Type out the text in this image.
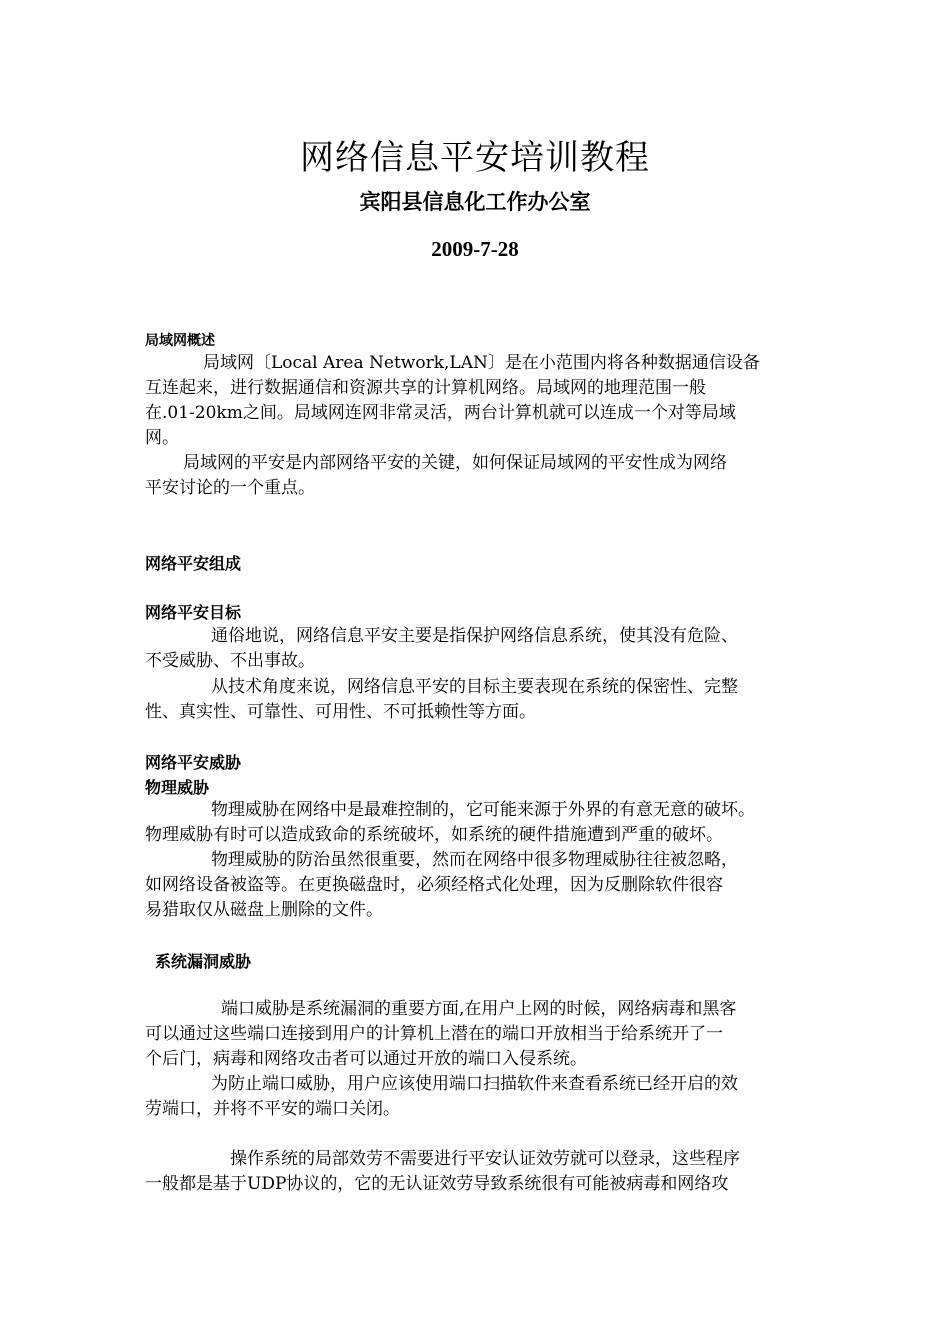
网络信息平安培训教程
宾阳县信息化工作办公室
2009-7-28
局域网概述
局域网〔Local Area Network,LAN〕是在小范围内将各种数据通信设备
互连起来，进行数据通信和资源共享的计算机网络。局域网的地理范围一般
在.01-20km之间。局域网连网非常灵活，两台计算机就可以连成一个对等局域
网。
局域网的平安是内部网络平安的关键，如何保证局域网的平安性成为网络
平安讨论的一个重点。
网络平安组成
网络平安目标
通俗地说，网络信息平安主要是指保护网络信息系统，使其没有危险、
不受威胁、不出事故。
从技术角度来说，网络信息平安的目标主要表现在系统的保密性、完整
性、真实性、可靠性、可用性、不可抵赖性等方面。
网络平安威胁
物理威胁
物理威胁在网络中是最难控制的，它可能来源于外界的有意无意的破坏。
物理威胁有时可以造成致命的系统破坏，如系统的硬件措施遭到严重的破坏。
物理威胁的防治虽然很重要，然而在网络中很多物理威胁往往被忽略，
如网络设备被盗等。在更换磁盘时，必须经格式化处理，因为反删除软件很容
易猎取仅从磁盘上删除的文件。
系统漏洞威胁
端口威胁是系统漏洞的重要方面,在用户上网的时候，网络病毒和黑客
可以通过这些端口连接到用户的计算机上潜在的端口开放相当于给系统开了一
个后门，病毒和网络攻击者可以通过开放的端口入侵系统。
为防止端口威胁，用户应该使用端口扫描软件来查看系统已经开启的效
劳端口，并将不平安的端口关闭。
操作系统的局部效劳不需要进行平安认证效劳就可以登录，这些程序
一般都是基于UDP协议的，它的无认证效劳导致系统很有可能被病毒和网络攻
